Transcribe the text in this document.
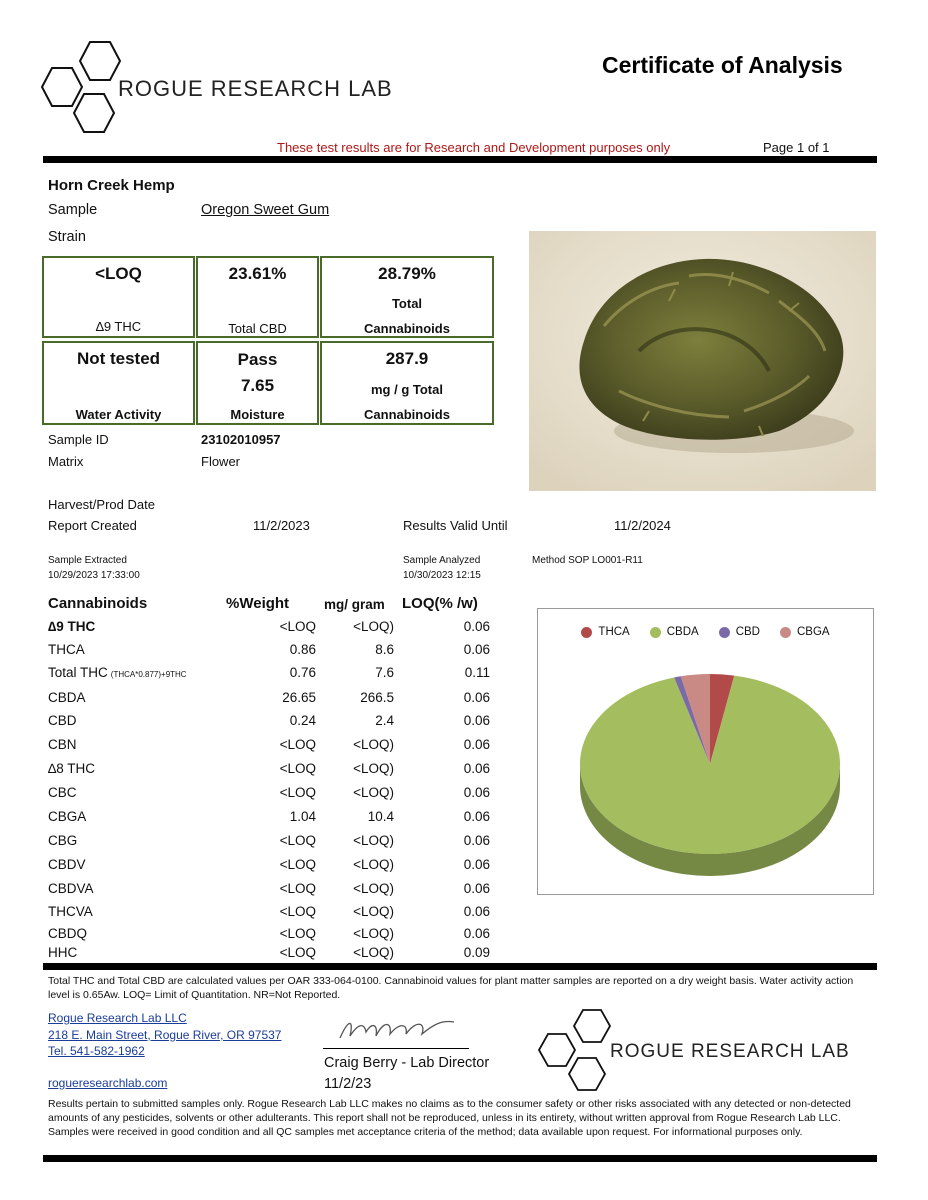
ROGUE RESEARCH LAB
Certificate of Analysis
These test results are for Research and Development purposes only	Page 1 of 1
Horn Creek Hemp
Sample	Oregon Sweet Gum
Strain
<LOQ
∆9 THC
23.61%
Total CBD
28.79%
Total
Cannabinoids
Not tested
Water Activity
Pass
7.65
Moisture
287.9
mg / g Total
Cannabinoids
Sample ID	23102010957
Matrix	Flower
Harvest/Prod Date
Report Created	11/2/2023	Results Valid Until	11/2/2024
Sample Extracted
10/29/2023 17:33:00
Sample Analyzed
10/30/2023 12:15
Method SOP LO001-R11
Cannabinoids	%Weight	mg/ gram LOQ(% /w)
∆9 THC	<LOQ	<LOQ)	0.06
THCA	0.86	8.6	0.06
Total THC (THCA*0.877)+9THC	0.76	7.6	0.11
CBDA	26.65	266.5	0.06
CBD	0.24	2.4	0.06
CBN	<LOQ	<LOQ)	0.06
∆8 THC	<LOQ	<LOQ)	0.06
CBC	<LOQ	<LOQ)	0.06
CBGA	1.04	10.4	0.06
CBG	<LOQ	<LOQ)	0.06
CBDV	<LOQ	<LOQ)	0.06
CBDVA	<LOQ	<LOQ)	0.06
THCVA	<LOQ	<LOQ)	0.06
CBDQ	<LOQ	<LOQ)	0.06
HHC	<LOQ	<LOQ)	0.09
THCA	CBDA	CBD	CBGA
Total THC and Total CBD are calculated values per OAR 333-064-0100. Cannabinoid values for plant matter samples are reported on a dry weight basis. Water activity action level is 0.65Aw. LOQ= Limit of Quantitation. NR=Not Reported.
Rogue Research Lab LLC
218 E. Main Street, Rogue River, OR 97537
Tel. 541-582-1962
rogueresearchlab.com
Craig Berry - Lab Director
11/2/23
ROGUE RESEARCH LAB
Results pertain to submitted samples only. Rogue Research Lab LLC makes no claims as to the consumer safety or other risks associated with any detected or non-detected amounts of any pesticides, solvents or other adulterants. This report shall not be reproduced, unless in its entirety, without written approval from Rogue Research Lab LLC. Samples were received in good condition and all QC samples met acceptance criteria of the method; data available upon request. For informational purposes only.
